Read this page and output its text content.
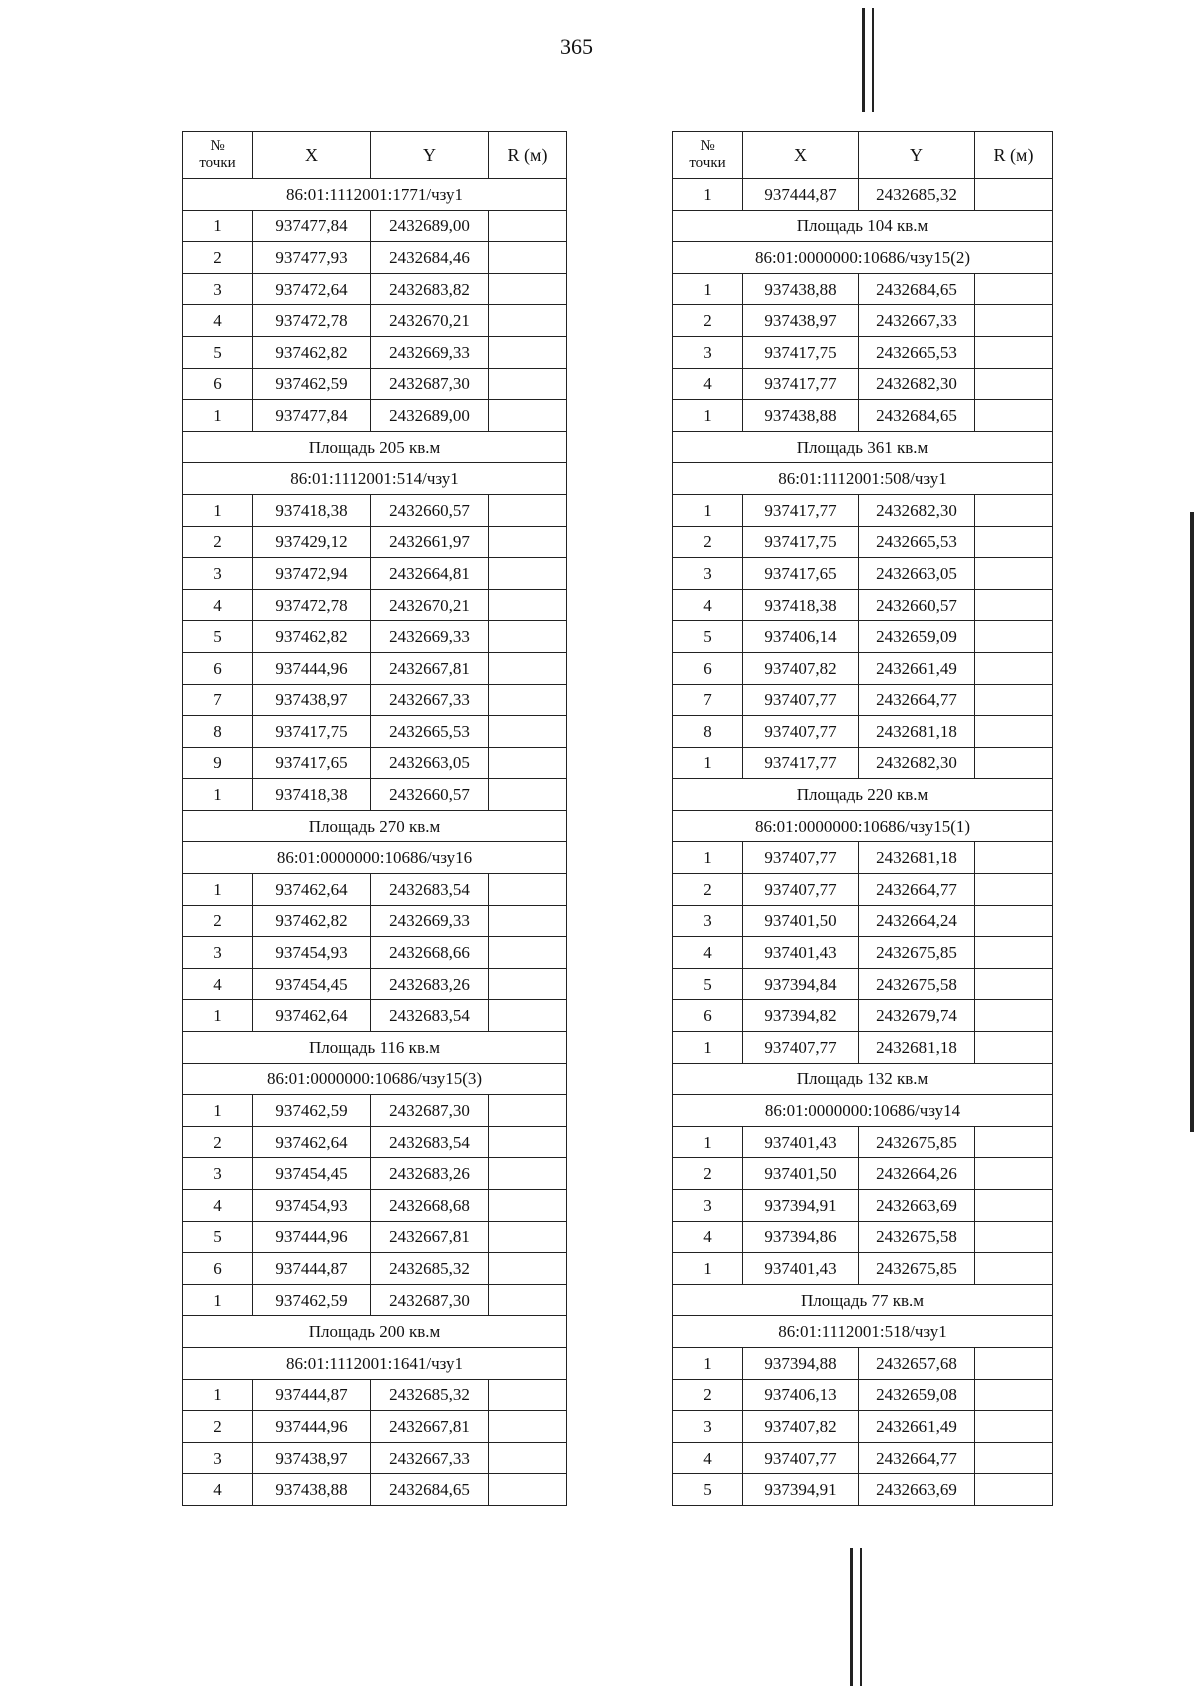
365
№
точки	X	Y	R (м)
86:01:1112001:1771/чзу1			
1	937477,84	2432689,00	
2	937477,93	2432684,46	
3	937472,64	2432683,82	
4	937472,78	2432670,21	
5	937462,82	2432669,33	
6	937462,59	2432687,30	
1	937477,84	2432689,00	
Площадь 205 кв.м			
86:01:1112001:514/чзу1			
1	937418,38	2432660,57	
2	937429,12	2432661,97	
3	937472,94	2432664,81	
4	937472,78	2432670,21	
5	937462,82	2432669,33	
6	937444,96	2432667,81	
7	937438,97	2432667,33	
8	937417,75	2432665,53	
9	937417,65	2432663,05	
1	937418,38	2432660,57	
Площадь 270 кв.м			
86:01:0000000:10686/чзу16			
1	937462,64	2432683,54	
2	937462,82	2432669,33	
3	937454,93	2432668,66	
4	937454,45	2432683,26	
1	937462,64	2432683,54	
Площадь 116 кв.м			
86:01:0000000:10686/чзу15(3)			
1	937462,59	2432687,30	
2	937462,64	2432683,54	
3	937454,45	2432683,26	
4	937454,93	2432668,68	
5	937444,96	2432667,81	
6	937444,87	2432685,32	
1	937462,59	2432687,30	
Площадь 200 кв.м			
86:01:1112001:1641/чзу1			
1	937444,87	2432685,32	
2	937444,96	2432667,81	
3	937438,97	2432667,33	
4	937438,88	2432684,65	
№
точки	X	Y	R (м)
1	937444,87	2432685,32	
Площадь 104 кв.м			
86:01:0000000:10686/чзу15(2)			
1	937438,88	2432684,65	
2	937438,97	2432667,33	
3	937417,75	2432665,53	
4	937417,77	2432682,30	
1	937438,88	2432684,65	
Площадь 361 кв.м			
86:01:1112001:508/чзу1			
1	937417,77	2432682,30	
2	937417,75	2432665,53	
3	937417,65	2432663,05	
4	937418,38	2432660,57	
5	937406,14	2432659,09	
6	937407,82	2432661,49	
7	937407,77	2432664,77	
8	937407,77	2432681,18	
1	937417,77	2432682,30	
Площадь 220 кв.м			
86:01:0000000:10686/чзу15(1)			
1	937407,77	2432681,18	
2	937407,77	2432664,77	
3	937401,50	2432664,24	
4	937401,43	2432675,85	
5	937394,84	2432675,58	
6	937394,82	2432679,74	
1	937407,77	2432681,18	
Площадь 132 кв.м			
86:01:0000000:10686/чзу14			
1	937401,43	2432675,85	
2	937401,50	2432664,26	
3	937394,91	2432663,69	
4	937394,86	2432675,58	
1	937401,43	2432675,85	
Площадь 77 кв.м			
86:01:1112001:518/чзу1			
1	937394,88	2432657,68	
2	937406,13	2432659,08	
3	937407,82	2432661,49	
4	937407,77	2432664,77	
5	937394,91	2432663,69	
